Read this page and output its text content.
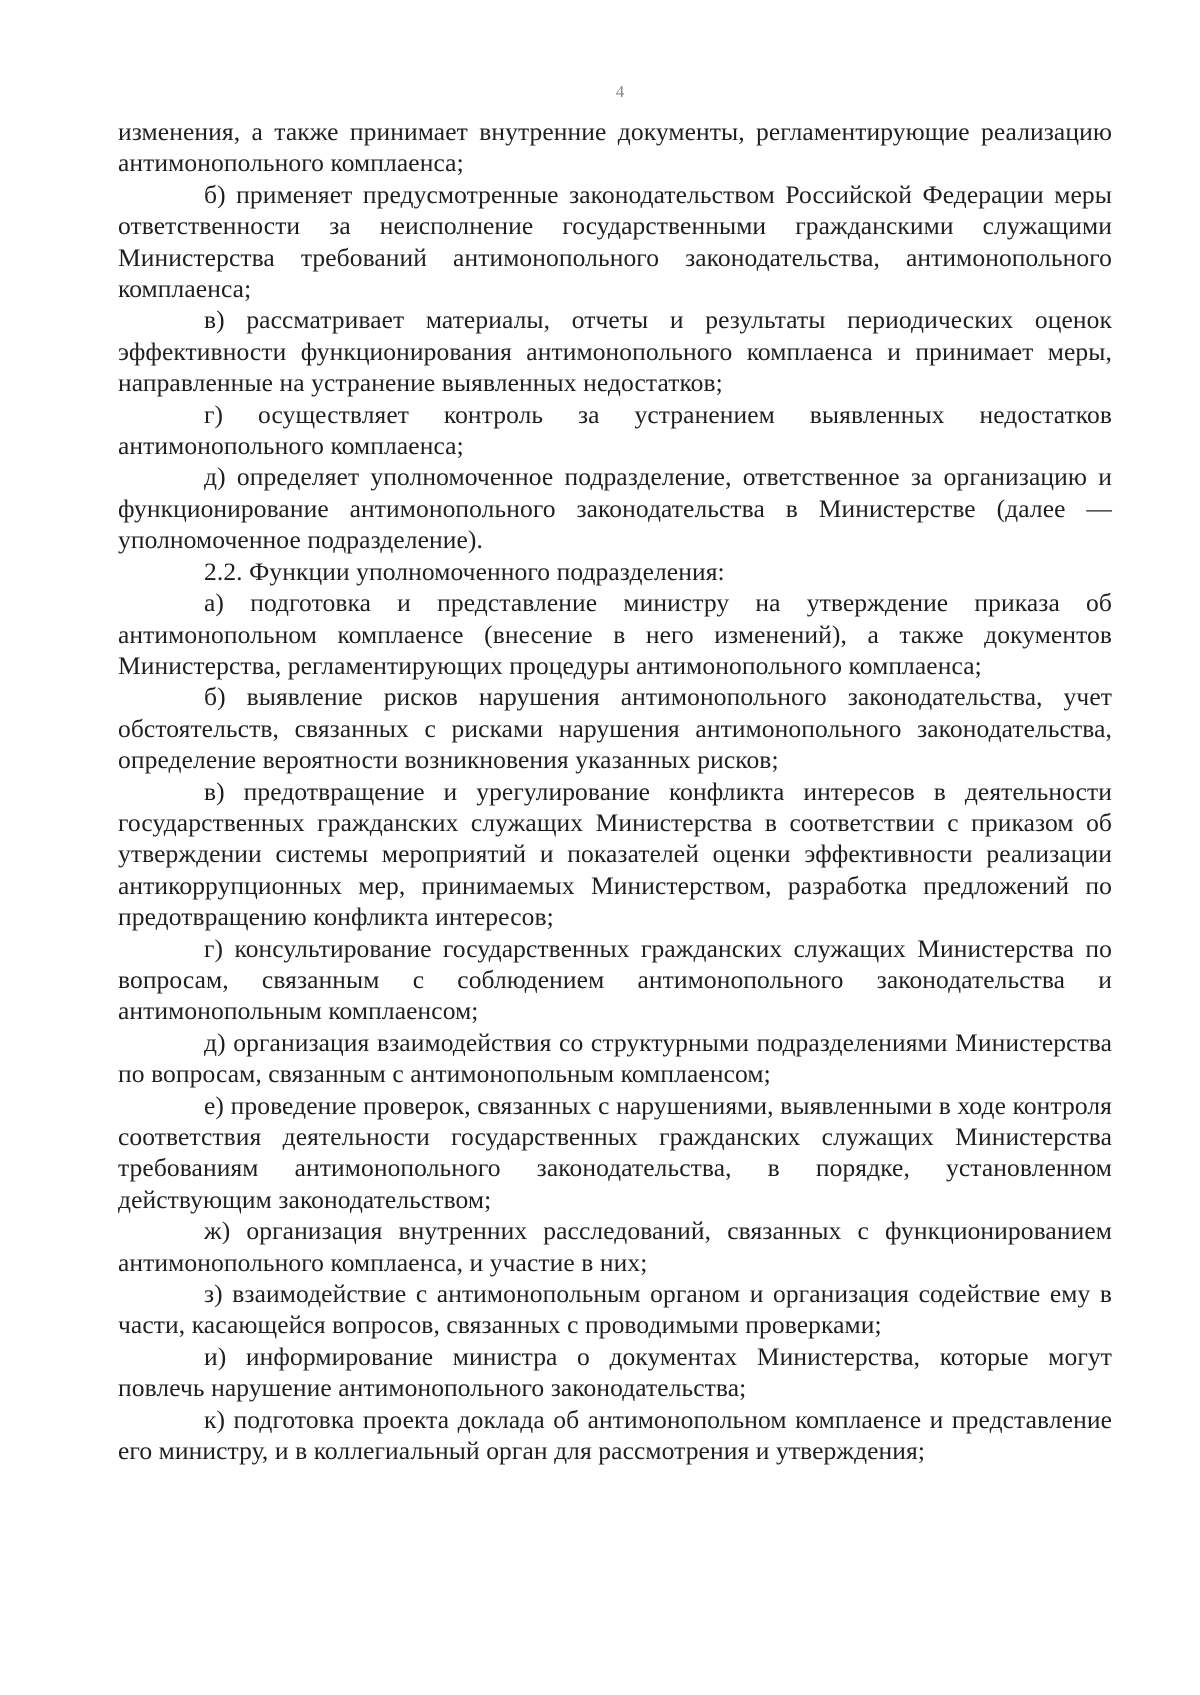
4

изменения, а также принимает внутренние документы, регламентирующие реализацию антимонопольного комплаенса;

б) применяет предусмотренные законодательством Российской Федерации меры ответственности за неисполнение государственными гражданскими служащими Министерства требований антимонопольного законодательства, антимонопольного комплаенса;

в) рассматривает материалы, отчеты и результаты периодических оценок эффективности функционирования антимонопольного комплаенса и принимает меры, направленные на устранение выявленных недостатков;

г) осуществляет контроль за устранением выявленных недостатков антимонопольного комплаенса;

д) определяет уполномоченное подразделение, ответственное за организацию и функционирование антимонопольного законодательства в Министерстве (далее — уполномоченное подразделение).

2.2. Функции уполномоченного подразделения:

а) подготовка и представление министру на утверждение приказа об антимонопольном комплаенсе (внесение в него изменений), а также документов Министерства, регламентирующих процедуры антимонопольного комплаенса;

б) выявление рисков нарушения антимонопольного законодательства, учет обстоятельств, связанных с рисками нарушения антимонопольного законодательства, определение вероятности возникновения указанных рисков;

в) предотвращение и урегулирование конфликта интересов в деятельности государственных гражданских служащих Министерства в соответствии с приказом об утверждении системы мероприятий и показателей оценки эффективности реализации антикоррупционных мер, принимаемых Министерством, разработка предложений по предотвращению конфликта интересов;

г) консультирование государственных гражданских служащих Министерства по вопросам, связанным с соблюдением антимонопольного законодательства и антимонопольным комплаенсом;

д) организация взаимодействия со структурными подразделениями Министерства по вопросам, связанным с антимонопольным комплаенсом;

е) проведение проверок, связанных с нарушениями, выявленными в ходе контроля соответствия деятельности государственных гражданских служащих Министерства требованиям антимонопольного законодательства, в порядке, установленном действующим законодательством;

ж) организация внутренних расследований, связанных с функционированием антимонопольного комплаенса, и участие в них;

з) взаимодействие с антимонопольным органом и организация содействие ему в части, касающейся вопросов, связанных с проводимыми проверками;

и) информирование министра о документах Министерства, которые могут повлечь нарушение антимонопольного законодательства;

к) подготовка проекта доклада об антимонопольном комплаенсе и представление его министру, и в коллегиальный орган для рассмотрения и утверждения;
